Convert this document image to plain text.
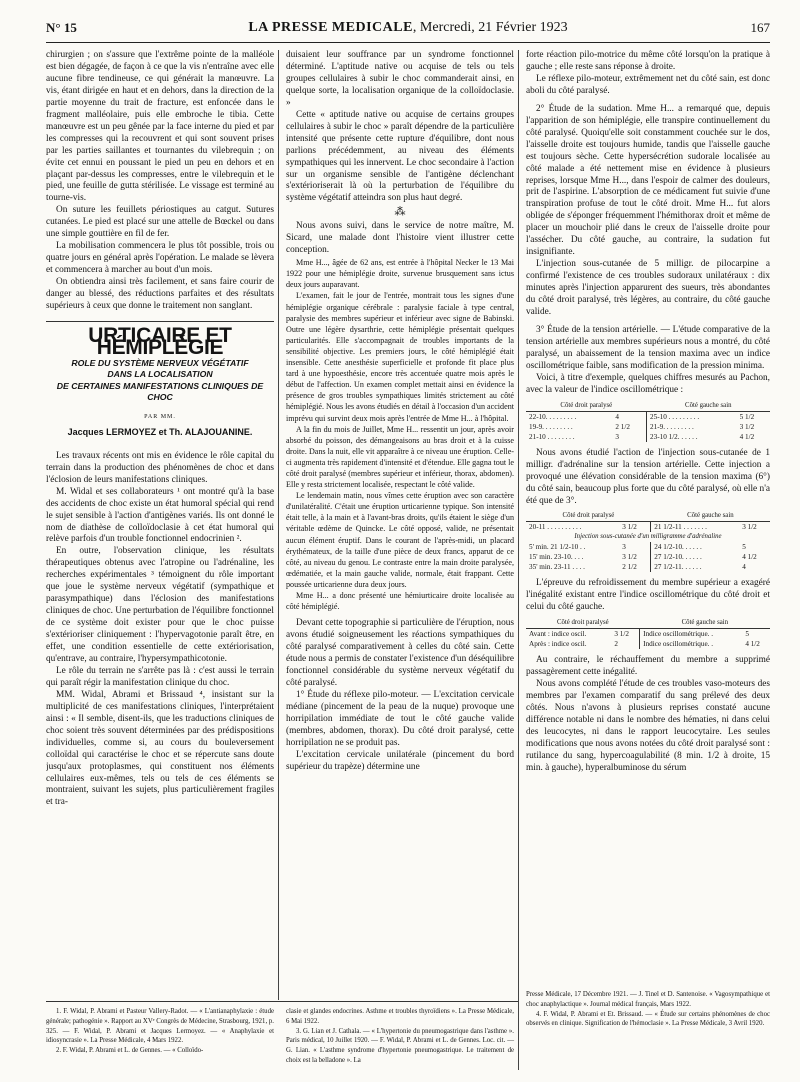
N° 15	LA PRESSE MEDICALE, Mercredi, 21 Février 1923	167

chirurgien ; on s'assure que l'extrême pointe de la malléole est bien dégagée, de façon à ce que la vis n'entraîne avec elle aucune fibre tendineuse, ce qui générait la manœuvre. La vis, étant dirigée en haut et en dehors, dans la direction de la partie moyenne du trait de fracture, est enfoncée dans le fragment malléolaire, puis elle embroche le tibia. Cette manœuvre est un peu gênée par la face interne du pied et par les compresses qui la recouvrent et qui sont souvent prises par les parties saillantes et tournantes du vilebrequin ; on évite cet ennui en poussant le pied un peu en dehors et en plaçant par-dessus les compresses, entre le vilebrequin et le pied, une feuille de gutta stérilisée. Le vissage est terminé au tourne-vis.

On suture les feuillets périostiques au catgut. Sutures cutanées. Le pied est placé sur une attelle de Bœckel ou dans une simple gouttière en fil de fer.

La mobilisation commencera le plus tôt possible, trois ou quatre jours en général après l'opération. Le malade se lèvera et commencera à marcher au bout d'un mois.

On obtiendra ainsi très facilement, et sans faire courir de danger au blessé, des réductions parfaites et des résultats supérieurs à ceux que donne le traitement non sanglant.

URTICAIRE ET HÉMIPLÉGIE
ROLE DU SYSTÈME NERVEUX VÉGÉTATIF
DANS LA LOCALISATION
DE CERTAINES MANIFESTATIONS CLINIQUES DE CHOC
PAR MM.
Jacques LERMOYEZ et Th. ALAJOUANINE.

Les travaux récents ont mis en évidence le rôle capital du terrain dans la production des phénomènes de choc et dans l'éclosion de leurs manifestations cliniques.

M. Widal et ses collaborateurs ¹ ont montré qu'à la base des accidents de choc existe un état humoral spécial qui rend le sujet sensible à l'action d'antigènes variés. Ils ont donné le nom de diathèse de colloïdoclasie à cet état humoral qui relève parfois d'un trouble fonctionnel endocrinien ².

En outre, l'observation clinique, les résultats thérapeutiques obtenus avec l'atropine ou l'adrénaline, les recherches expérimentales ³ témoignent du rôle important que joue le système nerveux végétatif (sympathique et parasympathique) dans l'éclosion des manifestations cliniques de choc. Une perturbation de l'équilibre fonctionnel de ce système doit exister pour que le choc puisse s'extérioriser cliniquement : l'hypervagotonie paraît être, en effet, une condition essentielle de cette extériorisation, qu'entrave, au contraire, l'hypersympathicotonie.

Le rôle du terrain ne s'arrête pas là : c'est aussi le terrain qui paraît régir la manifestation clinique du choc.

MM. Widal, Abrami et Brissaud ⁴, insistant sur la multiplicité de ces manifestations cliniques, l'interprétaient ainsi : « Il semble, disent-ils, que les traductions cliniques de choc soient très souvent déterminées par des prédispositions individuelles, comme si, au cours du bouleversement colloïdal qui caractérise le choc et se répercute sans doute jusqu'aux protoplasmes, qui constituent nos éléments cellulaires eux-mêmes, tels ou tels de ces éléments se montraient, suivant les sujets, plus particulièrement fragiles et tra-

duisaient leur souffrance par un syndrome fonctionnel déterminé. L'aptitude native ou acquise de tels ou tels groupes cellulaires à subir le choc commanderait ainsi, en quelque sorte, la localisation organique de la colloïdoclasie. »

Cette « aptitude native ou acquise de certains groupes cellulaires à subir le choc » paraît dépendre de la particulière intensité que présente cette rupture d'équilibre, dont nous parlions précédemment, au niveau des éléments sympathiques qui les innervent. Le choc secondaire à l'action sur un organisme sensible de l'antigène déclenchant s'extérioriserait là où la perturbation de l'équilibre du système végétatif atteindra son plus haut degré.

⁂

Nous avons suivi, dans le service de notre maître, M. Sicard, une malade dont l'histoire vient illustrer cette conception.

Mme H..., âgée de 62 ans, est entrée à l'hôpital Necker le 13 Mai 1922 pour une hémiplégie droite, survenue brusquement sans ictus deux jours auparavant.

L'examen, fait le jour de l'entrée, montrait tous les signes d'une hémiplégie organique cérébrale : paralysie faciale à type central, paralysie des membres supérieur et inférieur avec signe de Babinski. Outre une légère dysarthrie, cette hémiplégie présentait quelques particularités. Elle s'accompagnait de troubles importants de la sensibilité objective. Les premiers jours, le côté hémiplégié était insensible. Cette anesthésie superficielle et profonde fit place plus tard à une hypoesthésie, encore très accentuée quatre mois après le début de l'affection. Un examen complet mettait ainsi en évidence la présence de gros troubles sympathiques limités strictement au côté hémiplégié. Nous les avons étudiés en détail à l'occasion d'un accident imprévu qui survint deux mois après l'entrée de Mme H... à l'hôpital.

A la fin du mois de Juillet, Mme H... ressentit un jour, après avoir absorbé du poisson, des démangeaisons au bras droit et à la cuisse droite. Dans la nuit, elle vit apparaître à ce niveau une éruption. Celle-ci augmenta très rapidement d'intensité et d'étendue. Elle gagna tout le côté droit paralysé (membres supérieur et inférieur, thorax, abdomen). Elle y resta strictement localisée, respectant le côté valide.

Le lendemain matin, nous vîmes cette éruption avec son caractère d'unilatéralité. C'était une éruption urticarienne typique. Son intensité était telle, à la main et à l'avant-bras droits, qu'ils étaient le siège d'un véritable œdème de Quincke. Le côté opposé, valide, ne présentait aucun élément éruptif. Dans le courant de l'après-midi, un placard érythémateux, de la taille d'une pièce de deux francs, apparut de ce côté, au niveau du genou. Le contraste entre la main droite paralysée, œdématiée, et la main gauche valide, normale, était frappant. Cette poussée urticarienne dura deux jours.

Mme H... a donc présenté une hémiurticaire droite localisée au côté hémiplégié.

Devant cette topographie si particulière de l'éruption, nous avons étudié soigneusement les réactions sympathiques du côté paralysé comparativement à celles du côté sain. Cette étude nous a permis de constater l'existence d'un déséquilibre fonctionnel considérable du système nerveux végétatif du côté paralysé.

1° Étude du réflexe pilo-moteur. — L'excitation cervicale médiane (pincement de la peau de la nuque) provoque une horripilation immédiate de tout le côté gauche valide (membres, abdomen, thorax). Du côté droit paralysé, cette horripilation ne se produit pas.

L'excitation cervicale unilatérale (pincement du bord supérieur du trapèze) détermine une

forte réaction pilo-motrice du même côté lorsqu'on la pratique à gauche ; elle reste sans réponse à droite.

Le réflexe pilo-moteur, extrêmement net du côté sain, est donc aboli du côté paralysé.

2° Étude de la sudation. Mme H... a remarqué que, depuis l'apparition de son hémiplégie, elle transpire continuellement du côté paralysé. Quoiqu'elle soit constamment couchée sur le dos, l'aisselle droite est toujours humide, tandis que l'aisselle gauche est toujours sèche. Cette hypersécrétion sudorale localisée au côté malade a été nettement mise en évidence à plusieurs reprises, lorsque Mme H..., dans l'espoir de calmer des douleurs, prit de l'aspirine. L'absorption de ce médicament fut suivie d'une transpiration profuse de tout le côté droit. Mme H... fut alors obligée de s'éponger fréquemment l'hémithorax droit et même de placer un mouchoir plié dans le creux de l'aisselle droite pour l'assécher. Du côté gauche, au contraire, la sudation fut insignifiante.

L'injection sous-cutanée de 5 milligr. de pilocarpine a confirmé l'existence de ces troubles sudoraux unilatéraux : dix minutes après l'injection apparurent des sueurs, très abondantes du côté droit paralysé, très légères, au contraire, du côté gauche valide.

3° Étude de la tension artérielle. — L'étude comparative de la tension artérielle aux membres supérieurs nous a montré, du côté paralysé, un abaissement de la tension maxima avec un indice oscillométrique faible, sans modification de la pression minima.

Voici, à titre d'exemple, quelques chiffres mesurés au Pachon, avec la valeur de l'indice oscillométrique :

Côté droit paralysé		Côté gauche sain	
22-10. . . . . . . . .	4	25-10 . . . . . . . . .	5 1/2
19-9. . . . . . . . .	2 1/2	21-9. . . . . . . . .	3 1/2
21-10 . . . . . . . .	3	23-10 1/2. . . . . .	4 1/2

Nous avons étudié l'action de l'injection sous-cutanée de 1 milligr. d'adrénaline sur la tension artérielle. Cette injection a provoqué une élévation considérable de la tension maxima (6°) du côté sain, beaucoup plus forte que du côté paralysé, où elle n'a été que de 3°.

Côté droit paralysé		Côté gauche sain	
20-11 . . . . . . . . . .	3 1/2	21 1/2-11 . . . . . . .	3 1/2
Injection sous-cutanée d'un milligramme d'adrénaline			
5' min. 21 1/2-10 . .	3	24 1/2-10. . . . . .	5
15' min. 23-10. . . .	3 1/2	27 1/2-10. . . . . .	4 1/2
35' min. 23-11 . . . .	2 1/2	27 1/2-11. . . . . .	4

L'épreuve du refroidissement du membre supérieur a exagéré l'inégalité existant entre l'indice oscillométrique du côté droit et celui du côté gauche.

Côté droit paralysé		Côté gauche sain	
Avant : indice oscil.	3 1/2	Indice oscillométrique. .	5
Après : indice oscil.	2	Indice oscillométrique. .	4 1/2

Au contraire, le réchauffement du membre a supprimé passagèrement cette inégalité.

Nous avons complété l'étude de ces troubles vaso-moteurs des membres par l'examen comparatif du sang prélevé des deux côtés. Nous n'avons à plusieurs reprises constaté aucune différence notable ni dans le nombre des hématies, ni dans celui des leucocytes, ni dans le rapport leucocytaire. Les seules modifications que nous avons notées du côté droit paralysé sont : rutilance du sang, hypercoagulabilité (8 min. 1/2 à droite, 15 min. à gauche), hyperalbuminose du sérum

1. F. Widal, P. Abrami et Pasteur Vallery-Radot. — « L'antianaphylaxie : étude générale; pathogénie ». Rapport au XVᵉ Congrès de Médecine, Strasbourg, 1921, p. 325. — F. Widal, P. Abrami et Jacques Lermoyez. — « Anaphylaxie et idiosyncrasie ». La Presse Médicale, 4 Mars 1922.

2. F. Widal, P. Abrami et L. de Gennes. — « Colloïdo-

clasie et glandes endocrines. Asthme et troubles thyroïdiens ». La Presse Médicale, 6 Mai 1922.

3. G. Lian et J. Cathala. — « L'hypertonie du pneumogastrique dans l'asthme ». Paris médical, 10 Juillet 1920. — F. Widal, P. Abrami et L. de Gennes. Loc. cit. — G. Lian. « L'asthme syndrome d'hypertonie pneumogastrique. Le traitement de choix est la belladone ». La

Presse Médicale, 17 Décembre 1921. — J. Tinel et D. Santenoise. « Vagosympathique et choc anaphylactique ». Journal médical français, Mars 1922.

4. F. Widal, P. Abrami et Et. Brissaud. — « Étude sur certains phénomènes de choc observés en clinique. Signification de l'hémoclasie ». La Presse Médicale, 3 Avril 1920.
